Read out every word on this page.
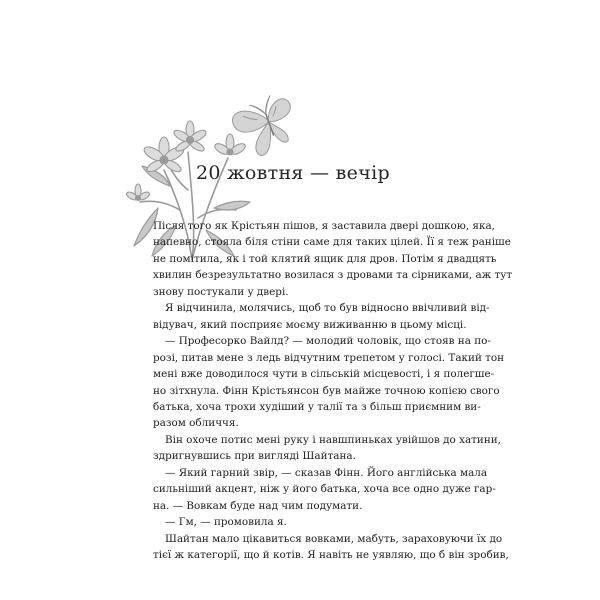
20 жовтня — вечір

Після того як Крістьян пішов, я заставила двері дошкою, яка,
напевно, стояла біля стіни саме для таких цілей. Її я теж раніше
не помітила, як і той клятий ящик для дров. Потім я двадцять
хвилин безрезультатно возилася з дровами та сірниками, аж тут
знову постукали у двері.

Я відчинила, молячись, щоб то був відносно ввічливий від-
відувач, який посприяє моєму виживанню в цьому місці.

— Професорко Вайлд? — молодий чоловік, що стояв на по-
розі, питав мене з ледь відчутним трепетом у голосі. Такий тон
мені вже доводилося чути в сільській місцевості, і я полегше-
но зітхнула. Фінн Крістьянсон був майже точною копією свого
батька, хоча трохи худіший у талії та з більш приємним ви-
разом обличчя.

Він охоче потис мені руку і навшпиньках увійшов до хатини,
здригнувшись при вигляді Шайтана.

— Який гарний звір, — сказав Фінн. Його англійська мала
сильніший акцент, ніж у його батька, хоча все одно дуже гар-
на. — Вовкам буде над чим подумати.

— Гм, — промовила я.

Шайтан мало цікавиться вовками, мабуть, зараховуючи їх до
тієї ж категорії, що й котів. Я навіть не уявляю, що б він зробив,
